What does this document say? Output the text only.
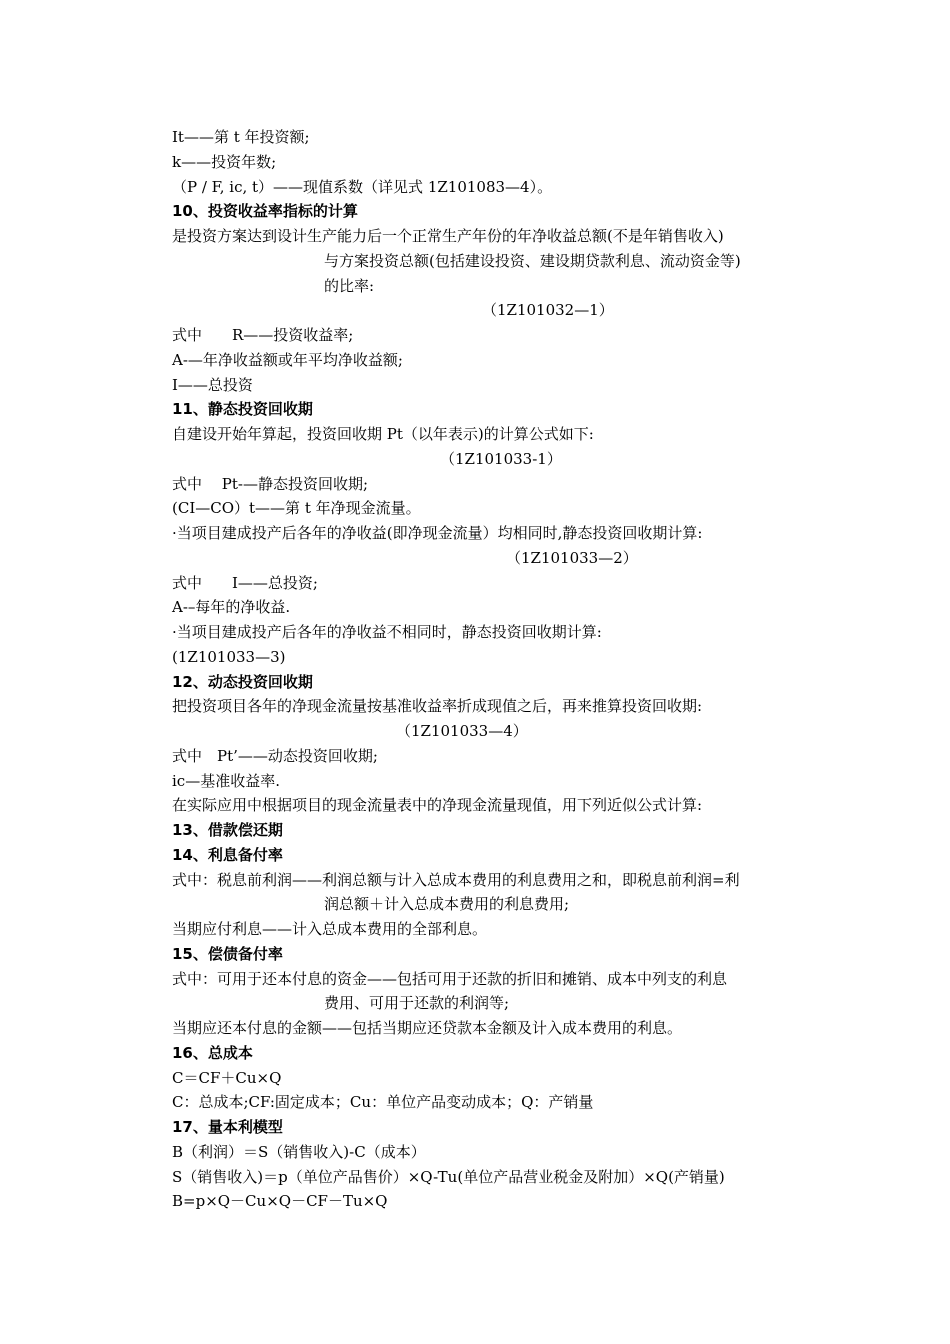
It——第 t 年投资额;
k——投资年数;
（P / F, ic, t）——现值系数（详见式 1Z101083—4）。
10、投资收益率指标的计算
是投资方案达到设计生产能力后一个正常生产年份的年净收益总额(不是年销售收入)
与方案投资总额(包括建设投资、建设期贷款利息、流动资金等)
的比率:
（1Z101032—1）
式中　　R——投资收益率;
A-—年净收益额或年平均净收益额;
I——总投资
11、静态投资回收期
自建设开始年算起，投资回收期 Pt（以年表示)的计算公式如下:
（1Z101033-1）
式中　 Pt-—静态投资回收期;
(CI—CO）t——第 t 年净现金流量。
·当项目建成投产后各年的净收益(即净现金流量）均相同时,静态投资回收期计算:
（1Z101033—2）
式中　　I——总投资;
A-–每年的净收益.
·当项目建成投产后各年的净收益不相同时，静态投资回收期计算:
(1Z101033—3)
12、动态投资回收期
把投资项目各年的净现金流量按基准收益率折成现值之后，再来推算投资回收期:
（1Z101033—4）
式中　Pt’——动态投资回收期;
ic—基准收益率.
在实际应用中根据项目的现金流量表中的净现金流量现值，用下列近似公式计算:
13、借款偿还期
14、利息备付率
式中：税息前利润——利润总额与计入总成本费用的利息费用之和，即税息前利润=利
润总额＋计入总成本费用的利息费用;
当期应付利息——计入总成本费用的全部利息。
15、偿债备付率
式中：可用于还本付息的资金——包括可用于还款的折旧和摊销、成本中列支的利息
费用、可用于还款的利润等;
当期应还本付息的金额——包括当期应还贷款本金额及计入成本费用的利息。
16、总成本
C＝CF＋Cu×Q
C：总成本;CF:固定成本；Cu：单位产品变动成本；Q：产销量
17、量本利模型
B（利润）＝S（销售收入)-C（成本）
S（销售收入)＝p（单位产品售价）×Q-Tu(单位产品营业税金及附加）×Q(产销量)
B=p×Q－Cu×Q－CF－Tu×Q
